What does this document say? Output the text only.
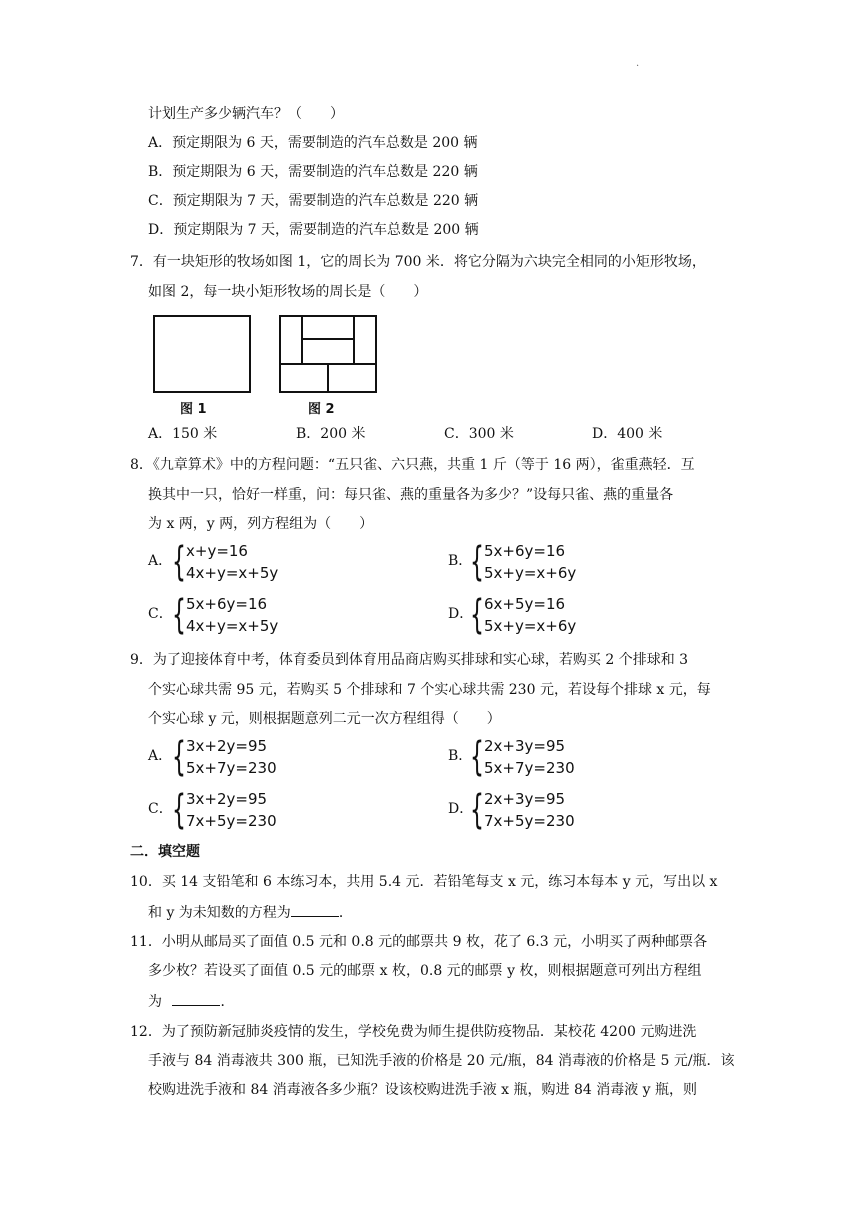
.
计划生产多少辆汽车？（　　）
A．预定期限为 6 天，需要制造的汽车总数是 200 辆
B．预定期限为 6 天，需要制造的汽车总数是 220 辆
C．预定期限为 7 天，需要制造的汽车总数是 220 辆
D．预定期限为 7 天，需要制造的汽车总数是 200 辆
7．有一块矩形的牧场如图 1，它的周长为 700 米．将它分隔为六块完全相同的小矩形牧场，
如图 2，每一块小矩形牧场的周长是（　　）
图 1	图 2
A．150 米	B．200 米	C．300 米	D．400 米
8．《九章算术》中的方程问题：“五只雀、六只燕，共重 1 斤（等于 16 两），雀重燕轻．互
换其中一只，恰好一样重，问：每只雀、燕的重量各为多少？”设每只雀、燕的重量各
为 x 两，y 两，列方程组为（　　）
A． { x+y=16
4x+y=x+5y
B．
{ 5x+6y=16
5x+y=x+6y
C． { 5x+6y=16
4x+y=x+5y
D．
{ 6x+5y=16
5x+y=x+6y
9．为了迎接体育中考，体育委员到体育用品商店购买排球和实心球，若购买 2 个排球和 3
个实心球共需 95 元，若购买 5 个排球和 7 个实心球共需 230 元，若设每个排球 x 元，每
个实心球 y 元，则根据题意列二元一次方程组得（　　）
A． { 3x+2y=95
5x+7y=230
B．
{ 2x+3y=95
5x+7y=230
C． { 3x+2y=95
7x+5y=230
D．
{ 2x+3y=95
7x+5y=230
二．填空题
10．买 14 支铅笔和 6 本练习本，共用 5.4 元．若铅笔每支 x 元，练习本每本 y 元，写出以 x
和 y 为未知数的方程为	．
11．小明从邮局买了面值 0.5 元和 0.8 元的邮票共 9 枚，花了 6.3 元，小明买了两种邮票各
多少枚？若设买了面值 0.5 元的邮票 x 枚，0.8 元的邮票 y 枚，则根据题意可列出方程组
为	．
12．为了预防新冠肺炎疫情的发生，学校免费为师生提供防疫物品．某校花 4200 元购进洗
手液与 84 消毒液共 300 瓶，已知洗手液的价格是 20 元/瓶，84 消毒液的价格是 5 元/瓶．该
校购进洗手液和 84 消毒液各多少瓶？设该校购进洗手液 x 瓶，购进 84 消毒液 y 瓶，则
